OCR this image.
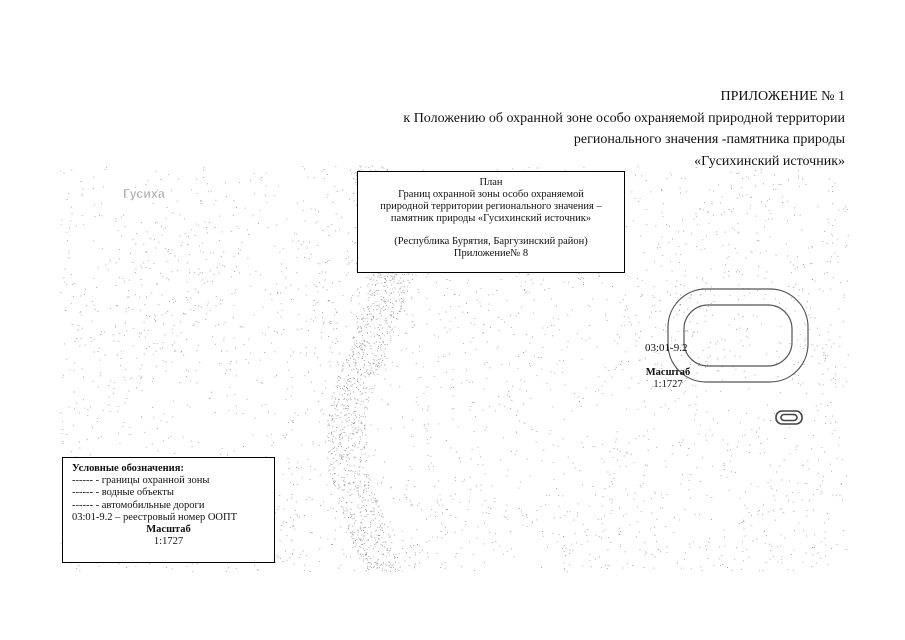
Гусиха
ПРИЛОЖЕНИЕ № 1
к Положению об охранной зоне особо охраняемой природной территории
регионального значения -памятника природы
«Гусихинский источник»
План
Границ охранной зоны особо охраняемой
природной территории регионального значения –
памятник природы «Гусихинский источник»
(Республика Бурятия, Баргузинский район)
Приложение№ 8
03:01-9.2
Масштаб
1:1727
Условные обозначения:
------ - границы охранной зоны
------ - водные объекты
------ - автомобильные дороги
03:01-9.2 – реестровый номер ООПТ
Масштаб
1:1727
